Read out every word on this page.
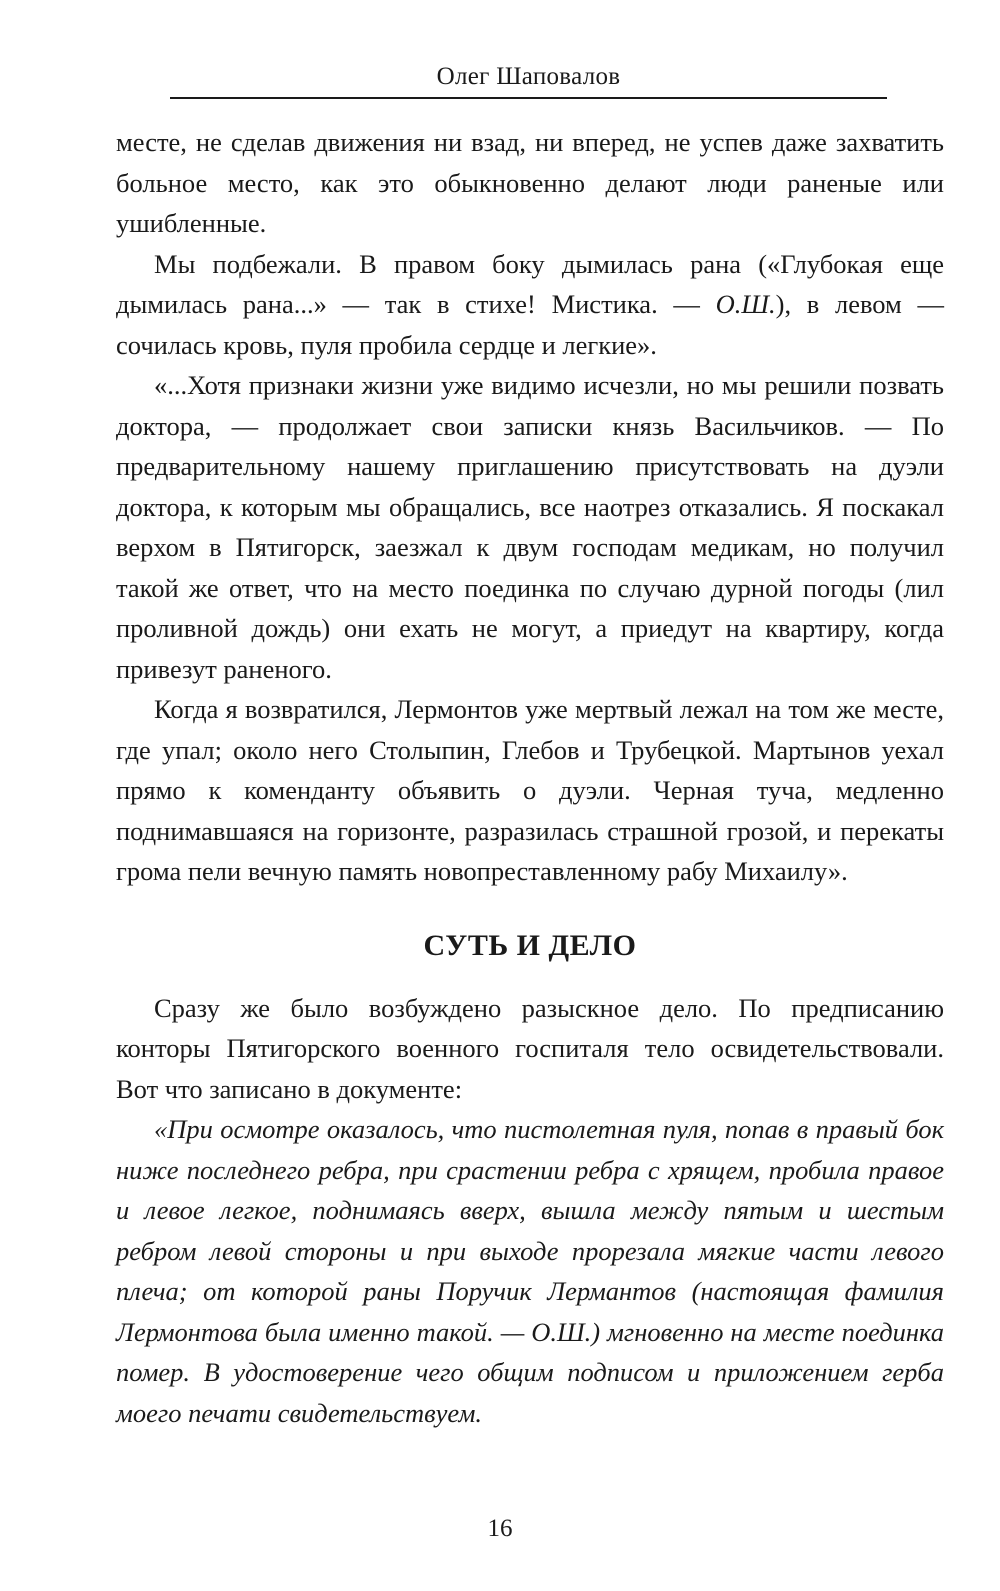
Олег Шаповалов

месте, не сделав движения ни взад, ни вперед, не успев даже захватить больное место, как это обыкновенно делают люди раненые или ушибленные.

Мы подбежали. В правом боку дымилась рана («Глубокая еще дымилась рана...» — так в стихе! Мистика. — О.Ш.), в левом — сочилась кровь, пуля пробила сердце и легкие».

«...Хотя признаки жизни уже видимо исчезли, но мы решили позвать доктора, — продолжает свои записки князь Васильчиков. — По предварительному нашему приглашению присутствовать на дуэли доктора, к которым мы обращались, все наотрез отказались. Я поскакал верхом в Пятигорск, заезжал к двум господам медикам, но получил такой же ответ, что на место поединка по случаю дурной погоды (лил проливной дождь) они ехать не могут, а приедут на квартиру, когда привезут раненого.

Когда я возвратился, Лермонтов уже мертвый лежал на том же месте, где упал; около него Столыпин, Глебов и Трубецкой. Мартынов уехал прямо к коменданту объявить о дуэли. Черная туча, медленно поднимавшаяся на горизонте, разразилась страшной грозой, и перекаты грома пели вечную память новопреставленному рабу Михаилу».

СУТЬ И ДЕЛО

Сразу же было возбуждено разыскное дело. По предписанию конторы Пятигорского военного госпиталя тело освидетельствовали. Вот что записано в документе:

«При осмотре оказалось, что пистолетная пуля, попав в правый бок ниже последнего ребра, при срастении ребра с хрящем, пробила правое и левое легкое, поднимаясь вверх, вышла между пятым и шестым ребром левой стороны и при выходе прорезала мягкие части левого плеча; от которой раны Поручик Лермантов (настоящая фамилия Лермонтова была именно такой. — О.Ш.) мгновенно на месте поединка помер. В удостоверение чего общим подписом и приложением герба моего печати свидетельствуем.

16
